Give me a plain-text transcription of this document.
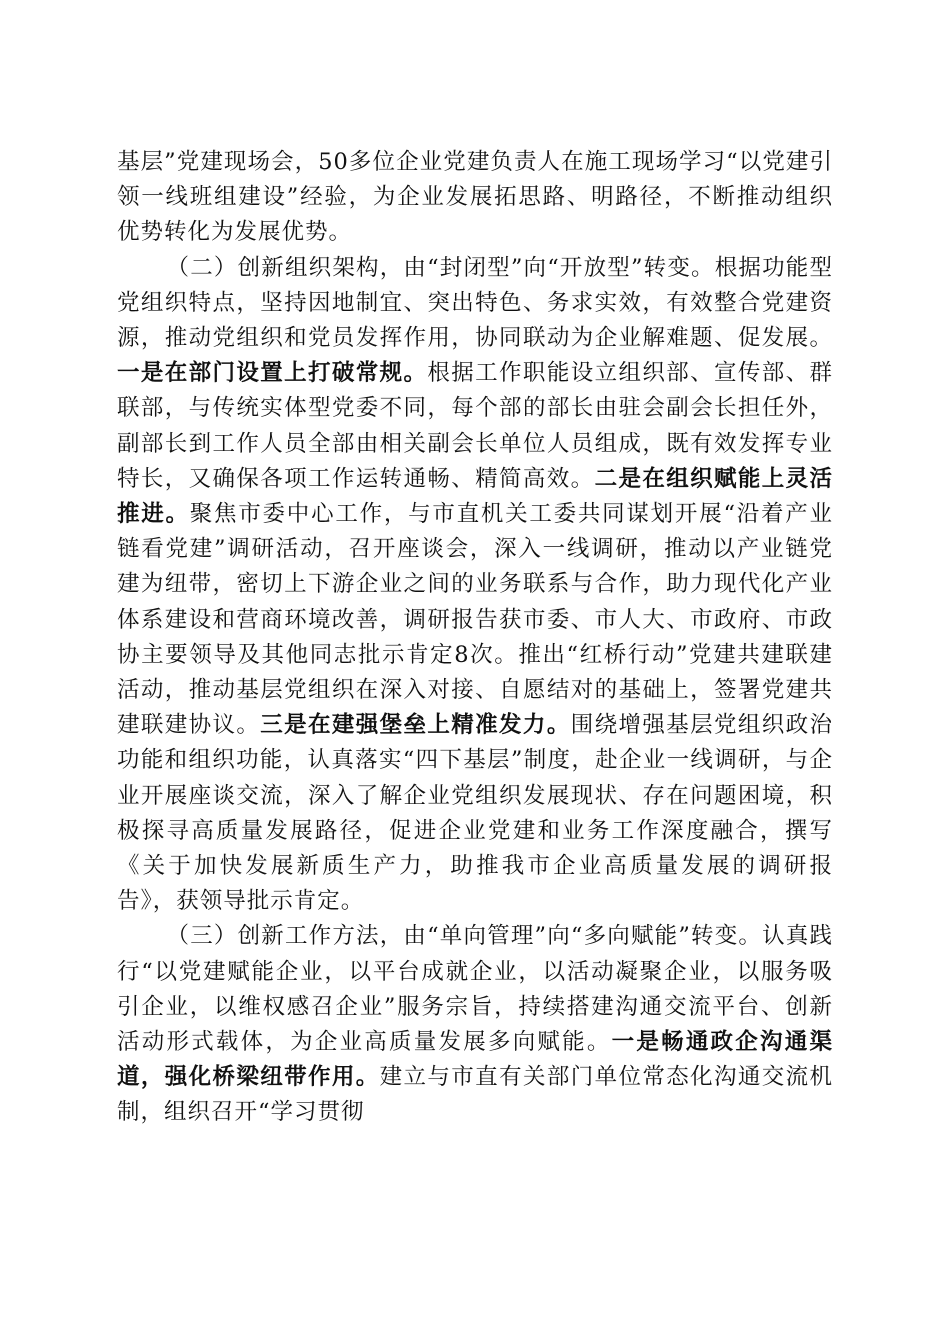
基层”党建现场会，50多位企业党建负责人在施工现场学习“以党建引领一线班组建设”经验，为企业发展拓思路、明路径，不断推动组织优势转化为发展优势。

（二）创新组织架构，由“封闭型”向“开放型”转变。根据功能型党组织特点，坚持因地制宜、突出特色、务求实效，有效整合党建资源，推动党组织和党员发挥作用，协同联动为企业解难题、促发展。一是在部门设置上打破常规。根据工作职能设立组织部、宣传部、群联部，与传统实体型党委不同，每个部的部长由驻会副会长担任外，副部长到工作人员全部由相关副会长单位人员组成，既有效发挥专业特长，又确保各项工作运转通畅、精简高效。二是在组织赋能上灵活推进。聚焦市委中心工作，与市直机关工委共同谋划开展“沿着产业链看党建”调研活动，召开座谈会，深入一线调研，推动以产业链党建为纽带，密切上下游企业之间的业务联系与合作，助力现代化产业体系建设和营商环境改善，调研报告获市委、市人大、市政府、市政协主要领导及其他同志批示肯定8次。推出“红桥行动”党建共建联建活动，推动基层党组织在深入对接、自愿结对的基础上，签署党建共建联建协议。三是在建强堡垒上精准发力。围绕增强基层党组织政治功能和组织功能，认真落实“四下基层”制度，赴企业一线调研，与企业开展座谈交流，深入了解企业党组织发展现状、存在问题困境，积极探寻高质量发展路径，促进企业党建和业务工作深度融合，撰写《关于加快发展新质生产力，助推我市企业高质量发展的调研报告》，获领导批示肯定。

（三）创新工作方法，由“单向管理”向“多向赋能”转变。认真践行“以党建赋能企业，以平台成就企业，以活动凝聚企业，以服务吸引企业，以维权感召企业”服务宗旨，持续搭建沟通交流平台、创新活动形式载体，为企业高质量发展多向赋能。一是畅通政企沟通渠道，强化桥梁纽带作用。建立与市直有关部门单位常态化沟通交流机制，组织召开“学习贯彻
